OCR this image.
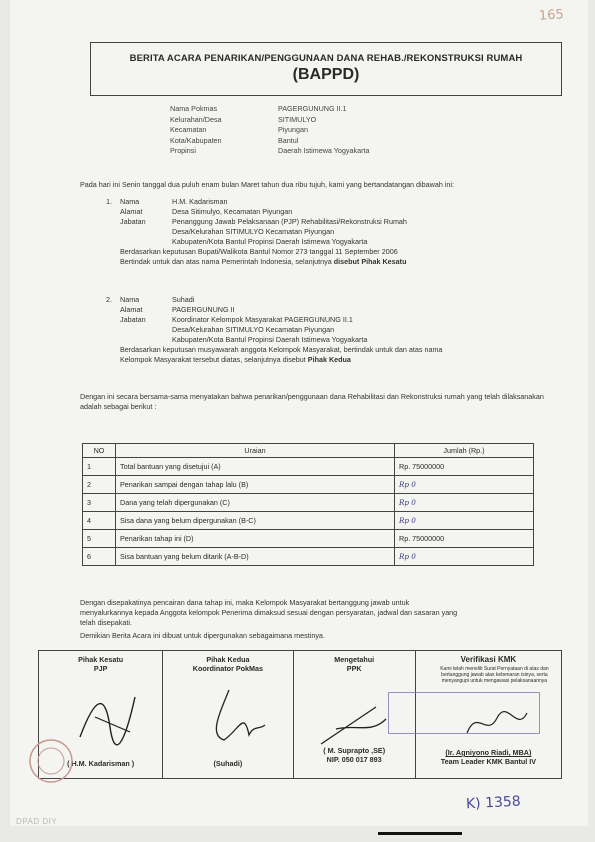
165
BERITA ACARA PENARIKAN/PENGGUNAAN DANA REHAB./REKONSTRUKSI RUMAH
(BAPPD)
Nama Pokmas	PAGERGUNUNG II.1
Kelurahan/Desa	SITIMULYO
Kecamatan	Piyungan
Kota/Kabupaten	Bantul
Propinsi	Daerah Istimewa Yogyakarta
Pada hari ini Senin tanggal dua puluh enam bulan Maret tahun dua ribu tujuh, kami yang bertandatangan dibawah ini:
1.	Nama	H.M. Kadarisman
Alamat	Desa Sitimulyo, Kecamatan Piyungan
Jabatan	Penanggung Jawab Pelaksanaan (PJP) Rehabilitasi/Rekonstruksi Rumah
Desa/Kelurahan SITIMULYO Kecamatan Piyungan
Kabupaten/Kota Bantul Propinsi Daerah Istimewa Yogyakarta
Berdasarkan keputusan Bupati/Walikota Bantul Nomor 273 tanggal 11 September 2006
Bertindak untuk dan atas nama Pemerintah Indonesia, selanjutnya disebut Pihak Kesatu
2.	Nama	Suhadi
Alamat	PAGERGUNUNG II
Jabatan	Koordinator Kelompok Masyarakat PAGERGUNUNG II.1
Desa/Kelurahan SITIMULYO Kecamatan Piyungan
Kabupaten/Kota Bantul Propinsi Daerah Istimewa Yogyakarta
Berdasarkan keputusan musyawarah anggota Kelompok Masyarakat, bertindak untuk dan atas nama
Kelompok Masyarakat tersebut diatas, selanjutnya disebut Pihak Kedua
Dengan ini secara bersama-sama menyatakan bahwa penarikan/penggunaan dana Rehabilitasi dan Rekonstruksi rumah yang telah dilaksanakan adalah sebagai berikut :
NO	Uraian	Jumlah (Rp.)
1	Total bantuan yang disetujui (A)	Rp. 75000000
2	Penarikan sampai dengan tahap lalu (B)	Rp 0
3	Dana yang telah dipergunakan (C)	Rp 0
4	Sisa dana yang belum dipergunakan (B-C)	Rp 0
5	Penarikan tahap ini (D)	Rp. 75000000
6	Sisa bantuan yang belum ditarik (A-B-D)	Rp 0
Dengan disepakatinya pencairan dana tahap ini, maka Kelompok Masyarakat bertanggung jawab untuk
menyalurkannya kepada Anggota kelompok Penerima dimaksud sesuai dengan persyaratan, jadwal dan sasaran yang
telah disepakati.
Demikian Berita Acara ini dibuat untuk dipergunakan sebagaimana mestinya.
Pihak Kesatu
PJP
( H.M. Kadarisman )
Pihak Kedua
Koordinator PokMas
(Suhadi)
Mengetahui
PPK
( M. Suprapto ,SE)
NIP. 050 017 893
Verifikasi KMK
Kami telah meneliti Surat Pernyataan di atas dan bertanggung jawab atas kebenaran isinya, serta menyangupi untuk mengawasi pelaksanaannya
(Ir. Agniyono Riadi, MBA)
Team Leader KMK Bantul IV
K) 1358
DPAD DIY
